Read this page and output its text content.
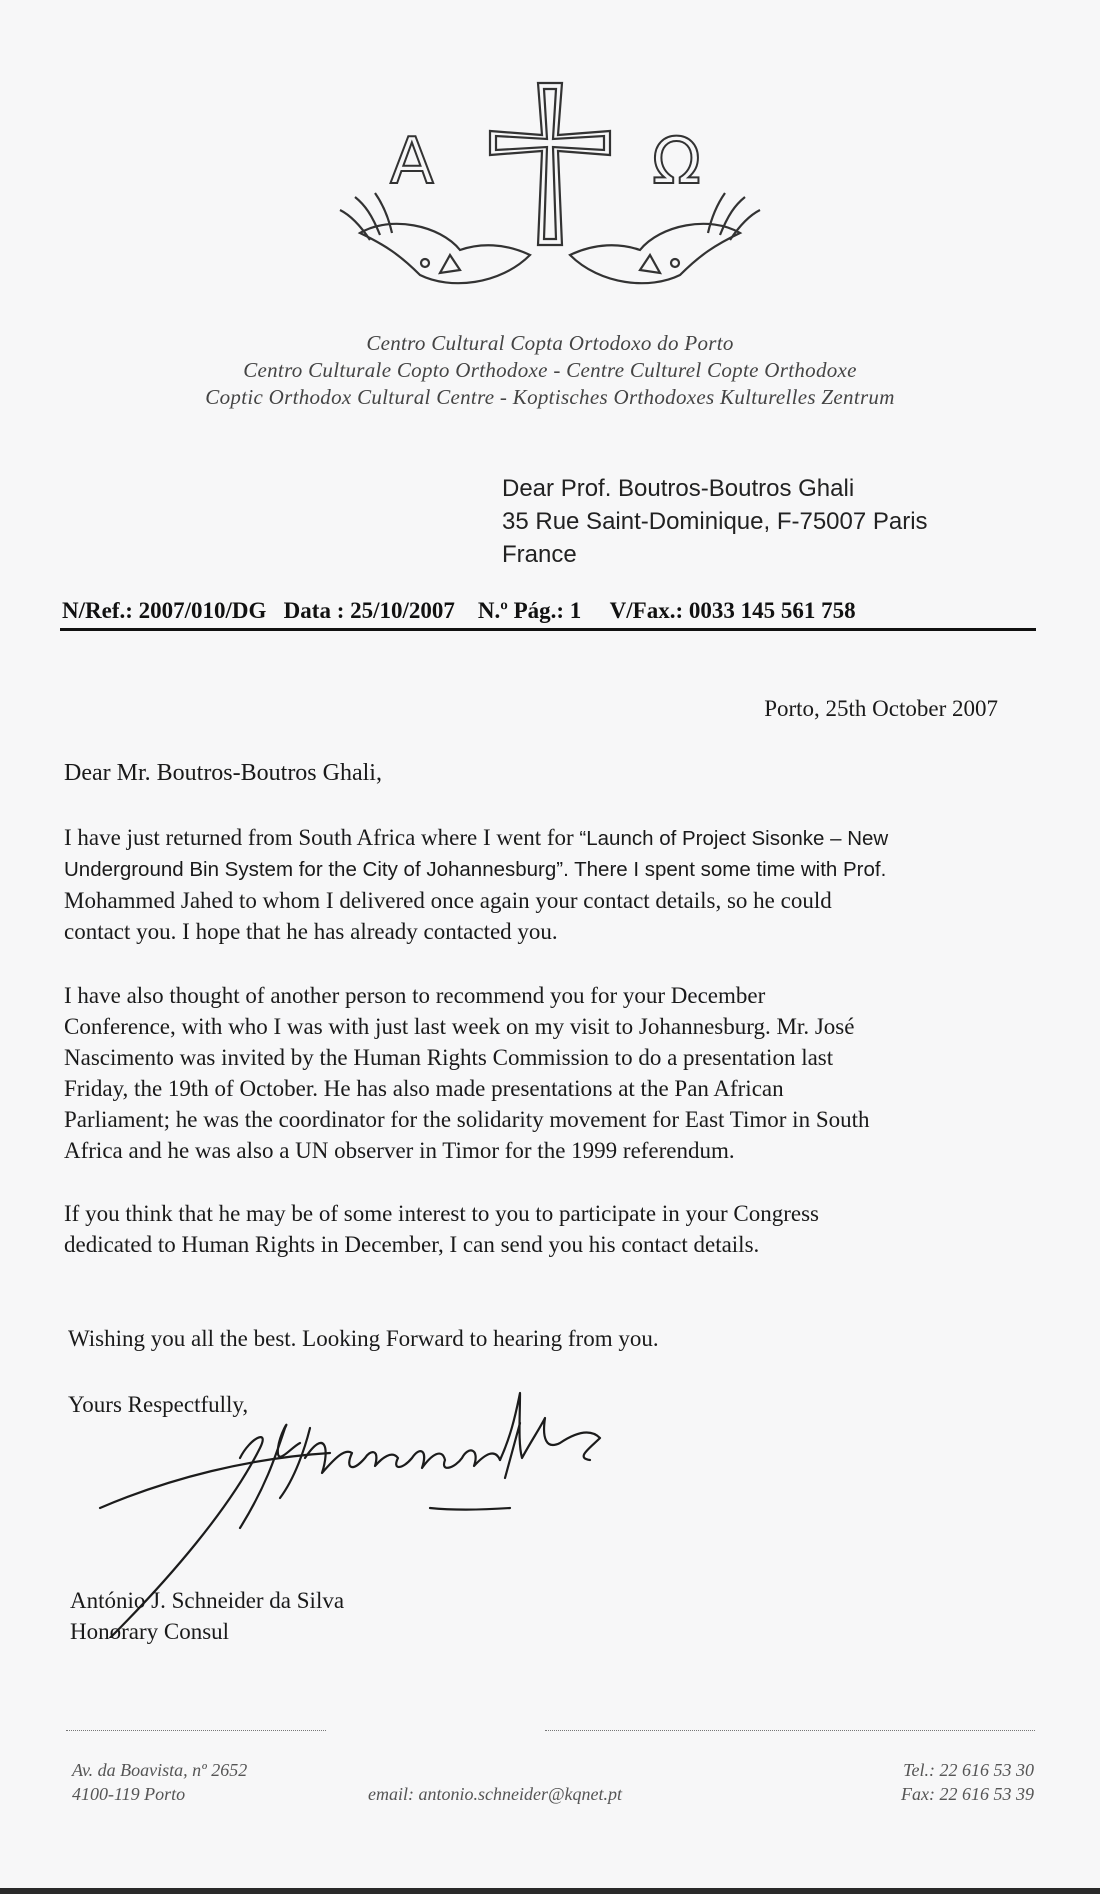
Α	Ω
Centro Cultural Copta Ortodoxo do Porto
Centro Culturale Copto Orthodoxe - Centre Culturel Copte Orthodoxe
Coptic Orthodox Cultural Centre - Koptisches Orthodoxes Kulturelles Zentrum
Dear Prof. Boutros-Boutros Ghali
35 Rue Saint-Dominique, F-75007 Paris
France
N/Ref.: 2007/010/DG Data : 25/10/2007 N.º Pág.: 1 V/Fax.: 0033 145 561 758
Porto, 25th October 2007
Dear Mr. Boutros-Boutros Ghali,
I have just returned from South Africa where I went for “Launch of Project Sisonke – New
Underground Bin System for the City of Johannesburg”. There I spent some time with Prof.
Mohammed Jahed to whom I delivered once again your contact details, so he could
contact you. I hope that he has already contacted you.
I have also thought of another person to recommend you for your December
Conference, with who I was with just last week on my visit to Johannesburg. Mr. José
Nascimento was invited by the Human Rights Commission to do a presentation last
Friday, the 19th of October. He has also made presentations at the Pan African
Parliament; he was the coordinator for the solidarity movement for East Timor in South
Africa and he was also a UN observer in Timor for the 1999 referendum.
If you think that he may be of some interest to you to participate in your Congress
dedicated to Human Rights in December, I can send you his contact details.
Wishing you all the best. Looking Forward to hearing from you.
Yours Respectfully,
António J. Schneider da Silva
Honorary Consul
Av. da Boavista, nº 2652
4100-119 Porto	email: antonio.schneider@kqnet.pt
Tel.: 22 616 53 30
Fax: 22 616 53 39
